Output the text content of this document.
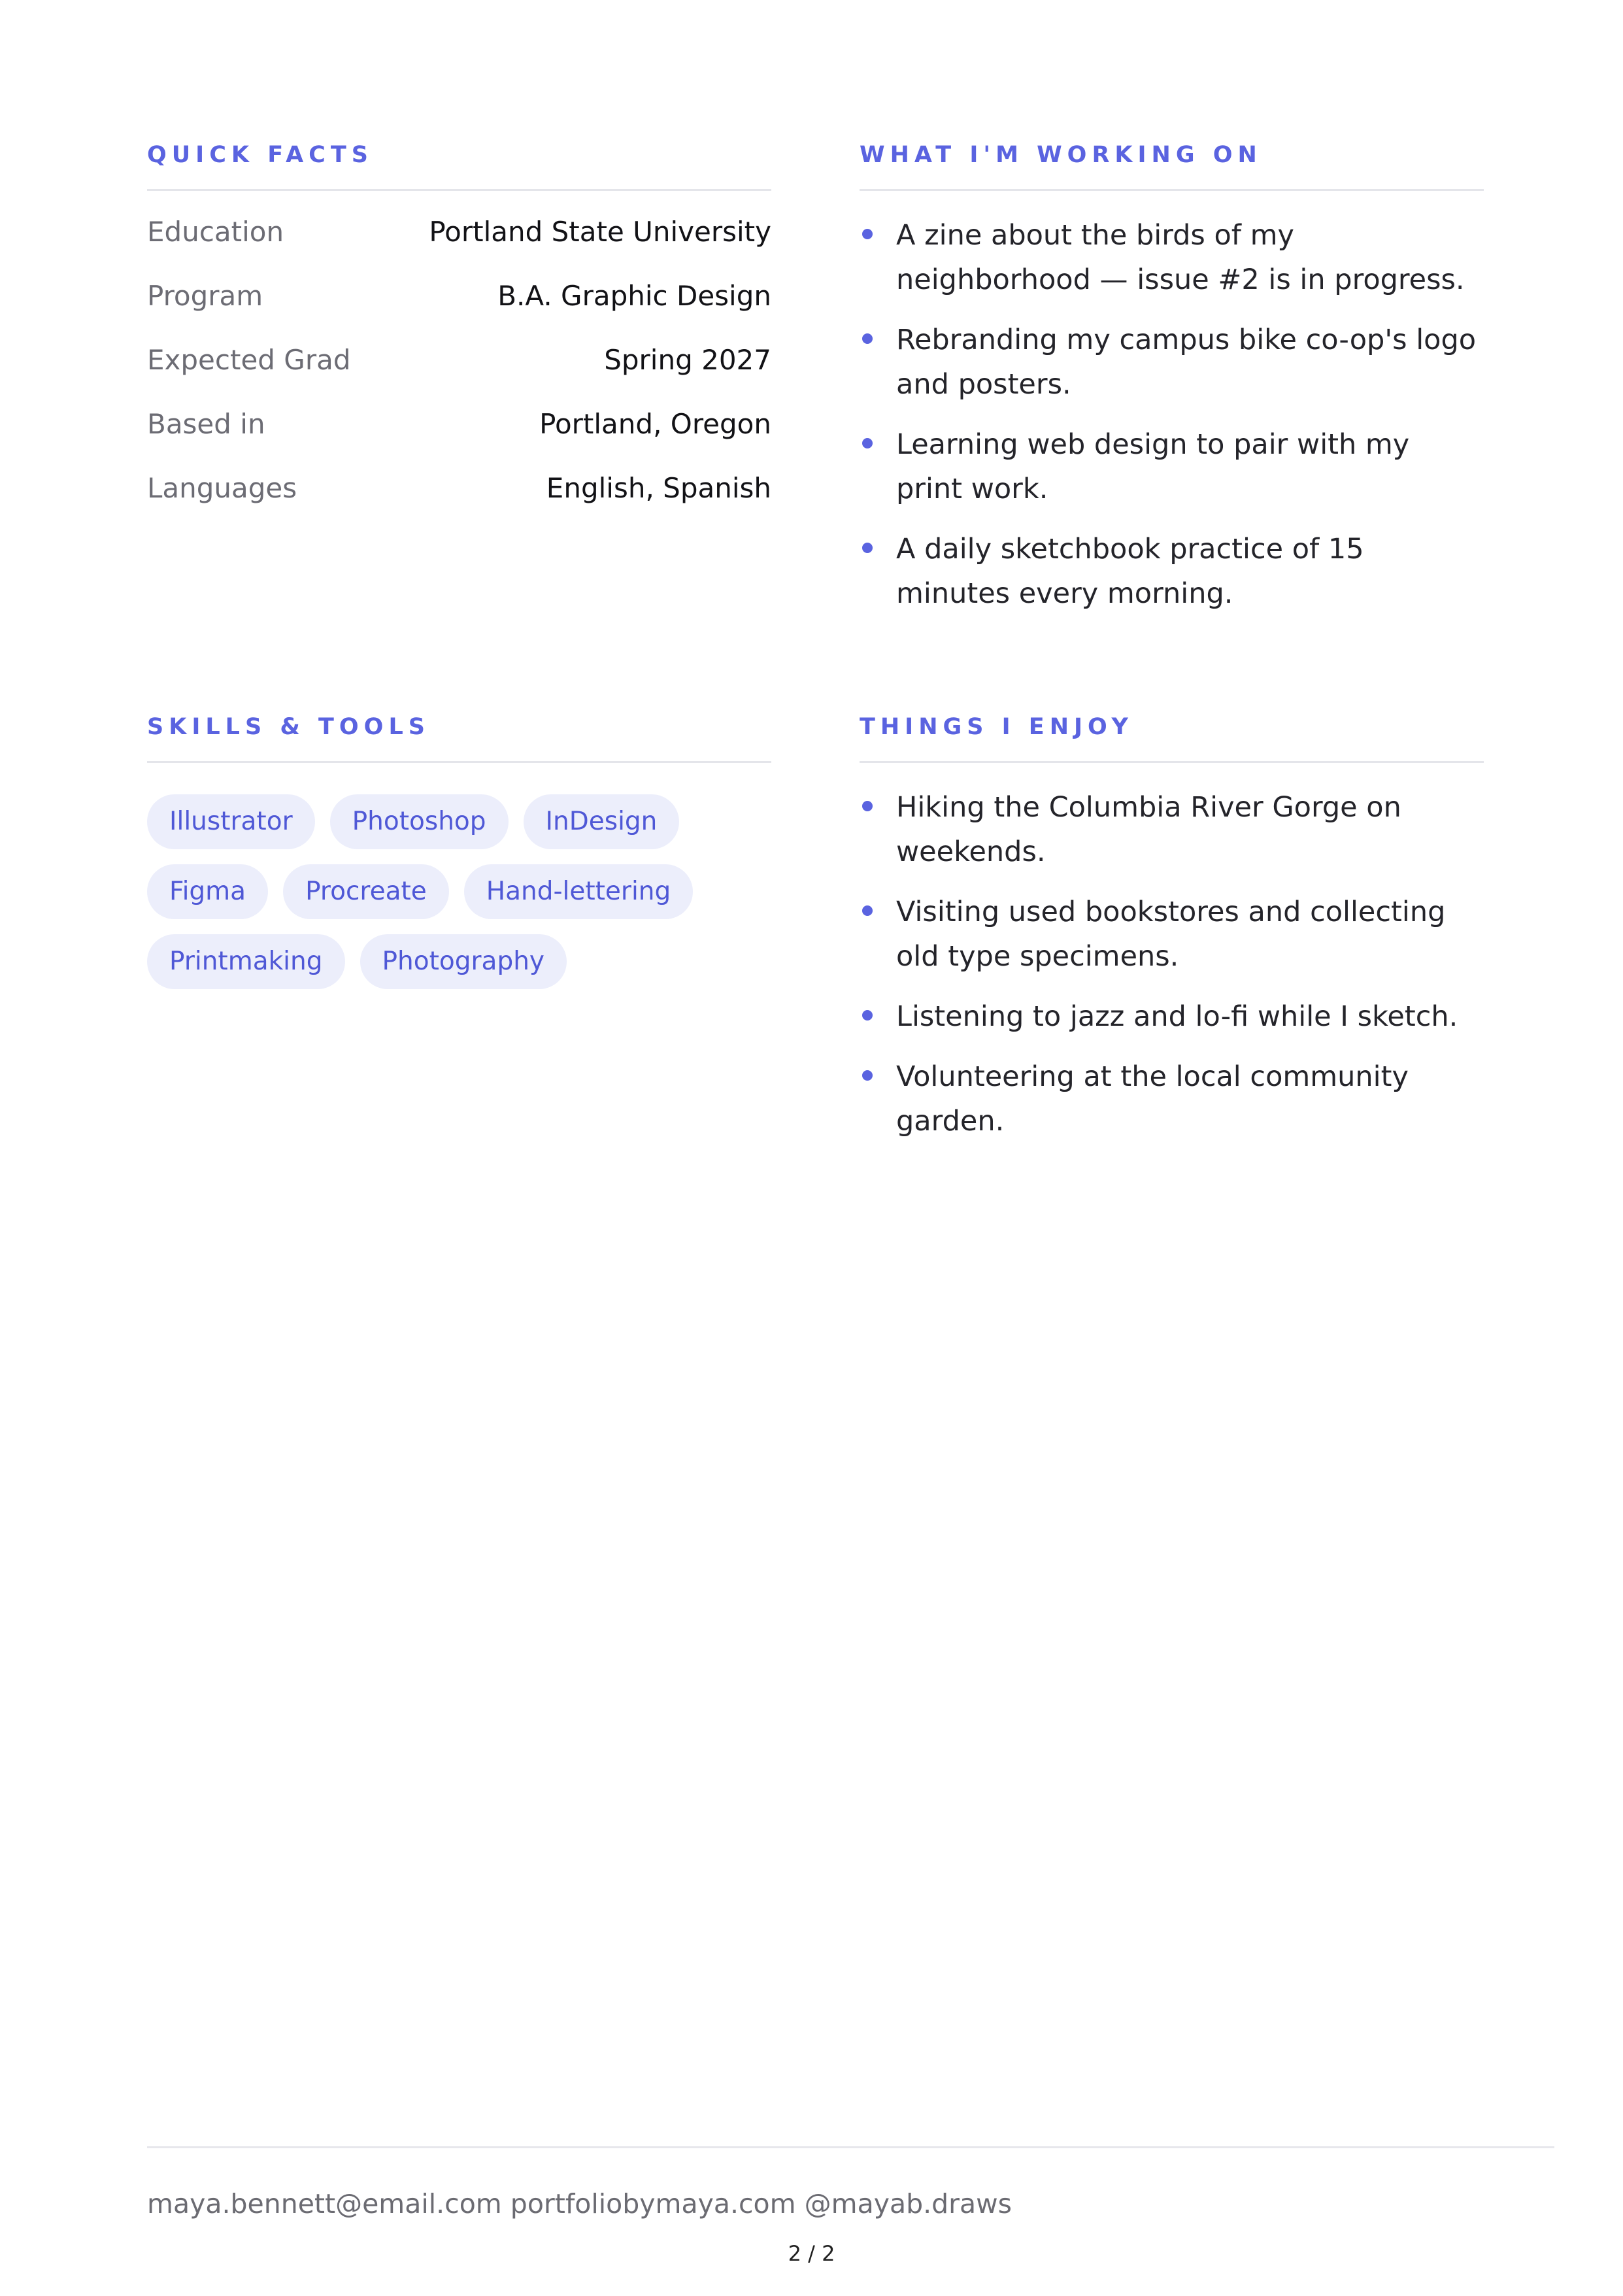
QUICK FACTS
Education	Portland State University
Program	B.A. Graphic Design
Expected Grad	Spring 2027
Based in	Portland, Oregon
Languages	English, Spanish
WHAT I'M WORKING ON
A zine about the birds of my neighborhood — issue #2 is in progress.
Rebranding my campus bike co-op's logo and posters.
Learning web design to pair with my print work.
A daily sketchbook practice of 15 minutes every morning.
SKILLS & TOOLS
Illustrator	Photoshop	InDesign
Figma	Procreate	Hand-lettering
Printmaking	Photography
THINGS I ENJOY
Hiking the Columbia River Gorge on weekends.
Visiting used bookstores and collecting old type specimens.
Listening to jazz and lo-fi while I sketch.
Volunteering at the local community garden.
maya.bennett@email.com portfoliobymaya.com @mayab.draws
2 / 2
